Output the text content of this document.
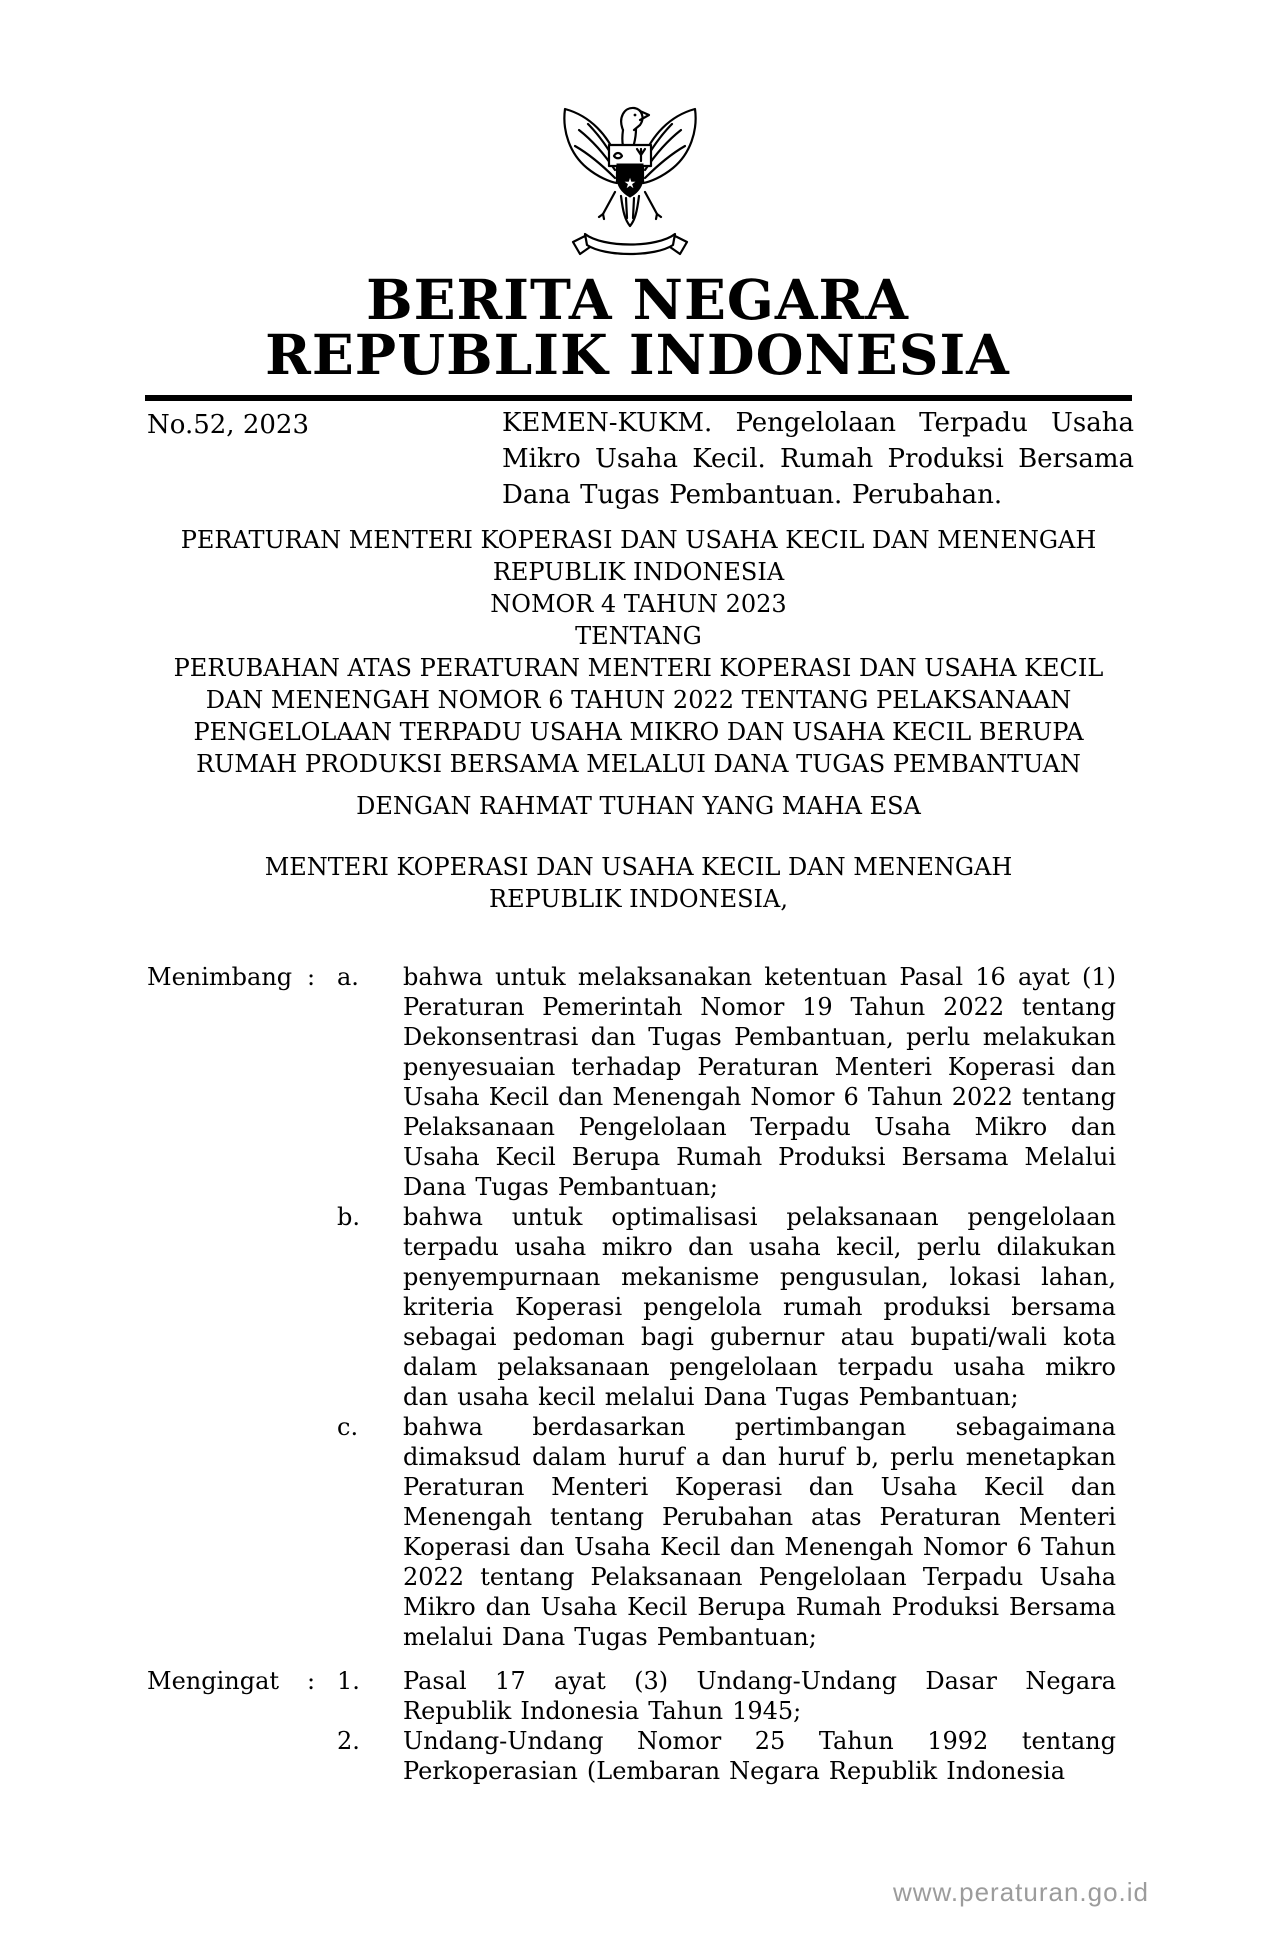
★
BERITA NEGARA
REPUBLIK INDONESIA
No.52, 2023	KEMEN-KUKM. Pengelolaan Terpadu Usaha Mikro Usaha Kecil. Rumah Produksi Bersama Dana Tugas Pembantuan. Perubahan.
PERATURAN MENTERI KOPERASI DAN USAHA KECIL DAN MENENGAH
REPUBLIK INDONESIA
NOMOR 4 TAHUN 2023
TENTANG
PERUBAHAN ATAS PERATURAN MENTERI KOPERASI DAN USAHA KECIL
DAN MENENGAH NOMOR 6 TAHUN 2022 TENTANG PELAKSANAAN
PENGELOLAAN TERPADU USAHA MIKRO DAN USAHA KECIL BERUPA
RUMAH PRODUKSI BERSAMA MELALUI DANA TUGAS PEMBANTUAN
DENGAN RAHMAT TUHAN YANG MAHA ESA
MENTERI KOPERASI DAN USAHA KECIL DAN MENENGAH
REPUBLIK INDONESIA,
Menimbang : a.	bahwa untuk melaksanakan ketentuan Pasal 16 ayat (1) Peraturan Pemerintah Nomor 19 Tahun 2022 tentang Dekonsentrasi dan Tugas Pembantuan, perlu melakukan penyesuaian terhadap Peraturan Menteri Koperasi dan Usaha Kecil dan Menengah Nomor 6 Tahun 2022 tentang Pelaksanaan Pengelolaan Terpadu Usaha Mikro dan Usaha Kecil Berupa Rumah Produksi Bersama Melalui Dana Tugas Pembantuan;
b.	bahwa untuk optimalisasi pelaksanaan pengelolaan terpadu usaha mikro dan usaha kecil, perlu dilakukan penyempurnaan mekanisme pengusulan, lokasi lahan, kriteria Koperasi pengelola rumah produksi bersama sebagai pedoman bagi gubernur atau bupati/wali kota dalam pelaksanaan pengelolaan terpadu usaha mikro dan usaha kecil melalui Dana Tugas Pembantuan;
c.	bahwa berdasarkan pertimbangan sebagaimana dimaksud dalam huruf a dan huruf b, perlu menetapkan Peraturan Menteri Koperasi dan Usaha Kecil dan Menengah tentang Perubahan atas Peraturan Menteri Koperasi dan Usaha Kecil dan Menengah Nomor 6 Tahun 2022 tentang Pelaksanaan Pengelolaan Terpadu Usaha Mikro dan Usaha Kecil Berupa Rumah Produksi Bersama melalui Dana Tugas Pembantuan;
Mengingat	: 1.	Pasal 17 ayat (3) Undang-Undang Dasar Negara Republik Indonesia Tahun 1945;
2.	Undang-Undang Nomor 25 Tahun 1992 tentang Perkoperasian (Lembaran Negara Republik Indonesia
www.peraturan.go.id
